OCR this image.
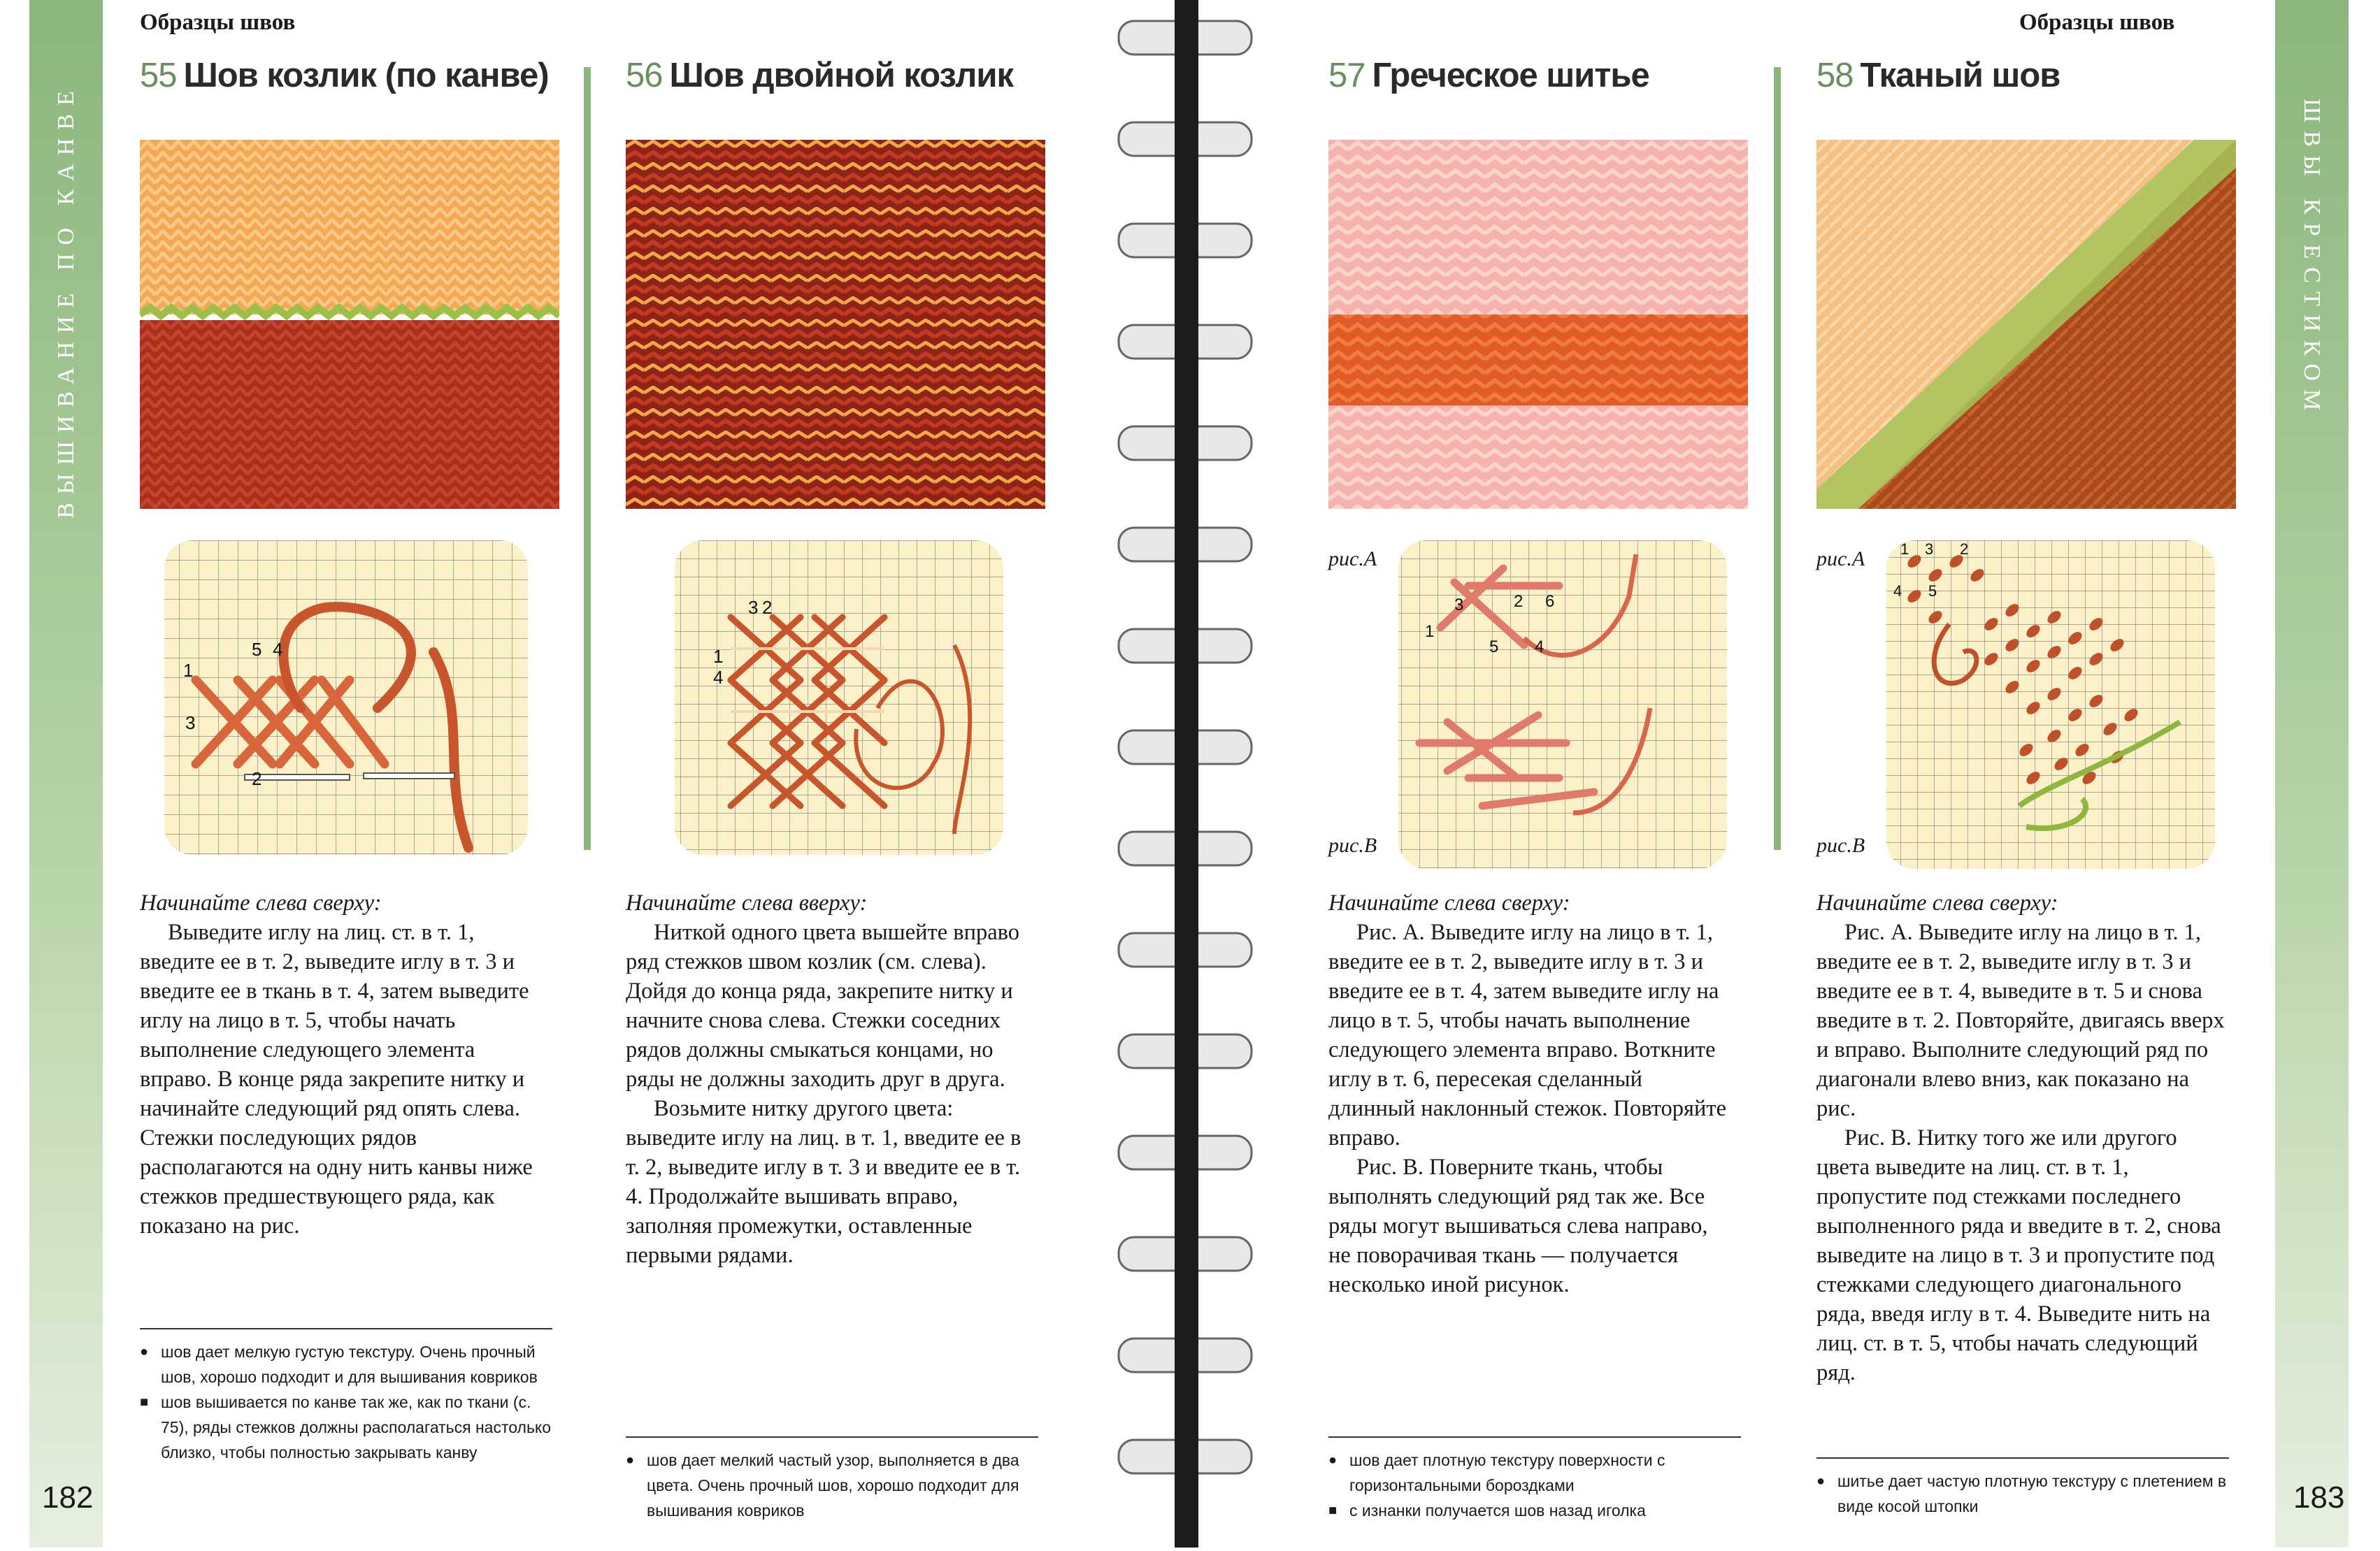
ВЫШИВАНИЕ ПО КАНВЕ
Образцы швов
55 Шов козлик (по канве)
1
2
3
4
5

Начинайте слева сверху:

Выведите иглу на лиц. ст. в т. 1, введите ее в т. 2, выведите иглу в т. 3 и введите ее в ткань в т. 4, затем выведите иглу на лицо в т. 5, чтобы начать выполнение следующего элемента вправо. В конце ряда закрепите нитку и начинайте следующий ряд опять слева. Стежки последующих рядов располагаются на одну нить канвы ниже стежков предшествующего ряда, как показано на рис.

● шов дает мелкую густую текстуру. Очень прочный шов, хорошо подходит и для вышивания ковриков

■ шов вышивается по канве так же, как по ткани (с. 75), ряды стежков должны располагаться настолько близко, чтобы полностью закрывать канву

56 Шов двойной козлик
1
2
3
4

Начинайте слева вверху:

Ниткой одного цвета вышейте вправо ряд стежков швом козлик (см. слева). Дойдя до конца ряда, закрепите нитку и начните снова слева. Стежки соседних рядов должны смыкаться концами, но ряды не должны заходить друг в друга.

Возьмите нитку другого цвета: выведите иглу на лиц. в т. 1, введите ее в т. 2, выведите иглу в т. 3 и введите ее в т. 4. Продолжайте вышивать вправо, заполняя промежутки, оставленные первыми рядами.

● шов дает мелкий частый узор, выполняется в два цвета. Очень прочный шов, хорошо подходит для вышивания ковриков

182
Образцы швов
57 Греческое шитье
рис.А
рис.В
1
2
3
4
5
6

Начинайте слева сверху:

Рис. А. Выведите иглу на лицо в т. 1, введите ее в т. 2, выведите иглу в т. 3 и введите ее в т. 4, затем выведите иглу на лицо в т. 5, чтобы начать выполнение следующего элемента вправо. Воткните иглу в т. 6, пересекая сделанный длинный наклонный стежок. Повторяйте вправо.

Рис. В. Поверните ткань, чтобы выполнять следующий ряд так же. Все ряды могут вышиваться слева направо, не поворачивая ткань — получается несколько иной рисунок.

● шов дает плотную текстуру поверхности с горизонтальными бороздками

■ с изнанки получается шов назад иголка

58 Тканый шов
рис.А
рис.В
1	2
3
4 5

Начинайте слева сверху:

Рис. А. Выведите иглу на лицо в т. 1, введите ее в т. 2, выведите иглу в т. 3 и введите ее в т. 4, выведите в т. 5 и снова введите в т. 2. Повторяйте, двигаясь вверх и вправо. Выполните следующий ряд по диагонали влево вниз, как показано на рис.

Рис. В. Нитку того же или другого цвета выведите на лиц. ст. в т. 1, пропустите под стежками последнего выполненного ряда и введите в т. 2, снова выведите на лицо в т. 3 и пропустите под стежками следующего диагонального ряда, введя иглу в т. 4. Выведите нить на лиц. ст. в т. 5, чтобы начать следующий ряд.

● шитье дает частую плотную текстуру с плетением в виде косой штопки

ШВЫ КРЕСТИКОМ
183
